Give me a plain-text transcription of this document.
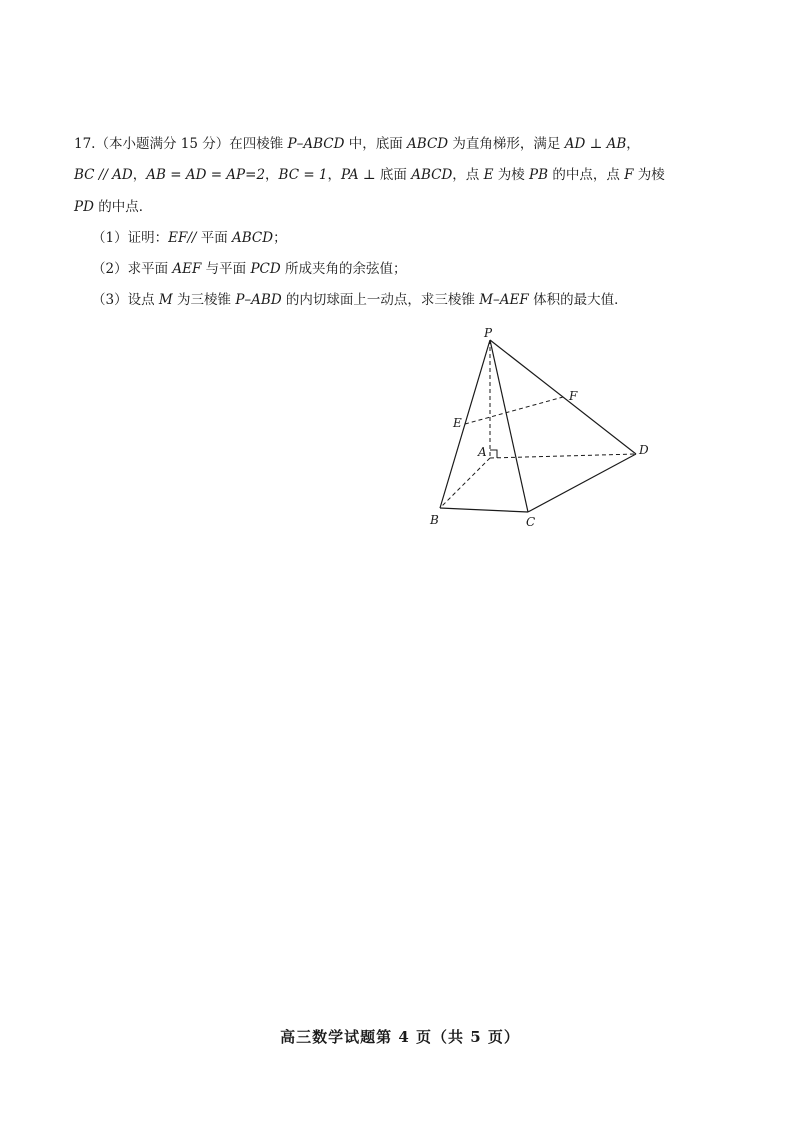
17.（本小题满分 15 分）在四棱锥 P–ABCD 中，底面 ABCD 为直角梯形，满足 AD ⊥ AB，
BC // AD，AB = AD = AP=2，BC = 1，PA ⊥ 底面 ABCD，点 E 为棱 PB 的中点，点 F 为棱
PD 的中点．
（1）证明：EF// 平面 ABCD；
（2）求平面 AEF 与平面 PCD 所成夹角的余弦值；
（3）设点 M 为三棱锥 P–ABD 的内切球面上一动点，求三棱锥 M–AEF 体积的最大值．
P
A
B	C
D
E
F
高三数学试题第 4 页（共 5 页）
